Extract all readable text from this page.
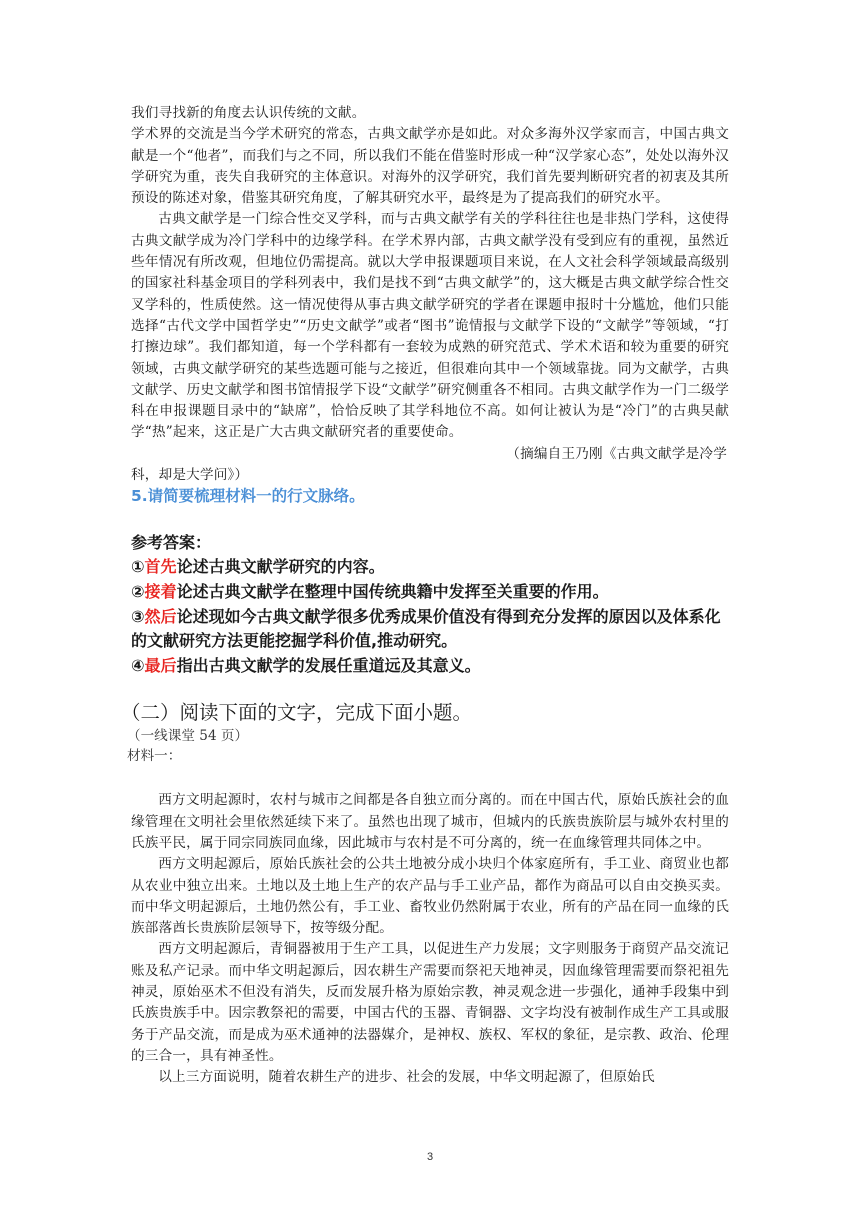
我们寻找新的角度去认识传统的文献。

学术界的交流是当今学术研究的常态，古典文献学亦是如此。对众多海外汉学家而言，中国古典文献是一个“他者”，而我们与之不同，所以我们不能在借鉴时形成一种“汉学家心态”，处处以海外汉学研究为重，丧失自我研究的主体意识。对海外的汉学研究，我们首先要判断研究者的初衷及其所预设的陈述对象，借鉴其研究角度，了解其研究水平，最终是为了提高我们的研究水平。

古典文献学是一门综合性交叉学科，而与古典文献学有关的学科往往也是非热门学科，这使得古典文献学成为冷门学科中的边缘学科。在学术界内部，古典文献学没有受到应有的重视，虽然近些年情况有所改观，但地位仍需提高。就以大学申报课题项目来说，在人文社会科学领域最高级别的国家社科基金项目的学科列表中，我们是找不到“古典文献学”的，这大概是古典文献学综合性交叉学科的，性质使然。这一情况使得从事古典文献学研究的学者在课题申报时十分尴尬，他们只能选择“古代文学中国哲学史”“历史文献学”或者“图书”诡情报与文献学下设的“文献学”等领域，“打打擦边球”。我们都知道，每一个学科都有一套较为成熟的研究范式、学术术语和较为重要的研究领域，古典文献学研究的某些选题可能与之接近，但很难向其中一个领域靠拢。同为文献学，古典文献学、历史文献学和图书馆情报学下设“文献学”研究侧重各不相同。古典文献学作为一门二级学科在申报课题目录中的“缺席”，恰恰反映了其学科地位不高。如何让被认为是“冷门”的古典旲献学“热”起来，这正是广大古典文献研究者的重要使命。

（摘编自王乃刚《古典文献学是冷学

科，却是大学问》）

5.请简要梳理材料一的行文脉络。

参考答案：

①首先论述古典文献学研究的内容。

②接着论述古典文献学在整理中国传统典籍中发挥至关重要的作用。

③然后论述现如今古典文献学很多优秀成果价值没有得到充分发挥的原因以及体系化的文献研究方法更能挖掘学科价值,推动研究。

④最后指出古典文献学的发展任重道远及其意义。

（二）阅读下面的文字，完成下面小题。

（一线课堂 54 页）

材料一：

西方文明起源时，农村与城市之间都是各自独立而分离的。而在中国古代，原始氏族社会的血缘管理在文明社会里依然延续下来了。虽然也出现了城市，但城内的氏族贵族阶层与城外农村里的氏族平民，属于同宗同族同血缘，因此城市与农村是不可分离的，统一在血缘管理共同体之中。

西方文明起源后，原始氏族社会的公共土地被分成小块归个体家庭所有，手工业、商贸业也都从农业中独立出来。土地以及土地上生产的农产品与手工业产品，都作为商品可以自由交换买卖。而中华文明起源后，土地仍然公有，手工业、畜牧业仍然附属于农业，所有的产品在同一血缘的氏族部落酋长贵族阶层领导下，按等级分配。

西方文明起源后，青铜器被用于生产工具，以促进生产力发展；文字则服务于商贸产品交流记账及私产记录。而中华文明起源后，因农耕生产需要而祭祀天地神灵，因血缘管理需要而祭祀祖先神灵，原始巫术不但没有消失，反而发展升格为原始宗教，神灵观念进一步强化，通神手段集中到氏族贵族手中。因宗教祭祀的需要，中国古代的玉器、青铜器、文字均没有被制作成生产工具或服务于产品交流，而是成为巫术通神的法器媒介，是神权、族权、军权的象征，是宗教、政治、伦理的三合一，具有神圣性。

以上三方面说明，随着农耕生产的进步、社会的发展，中华文明起源了，但原始氏

3
